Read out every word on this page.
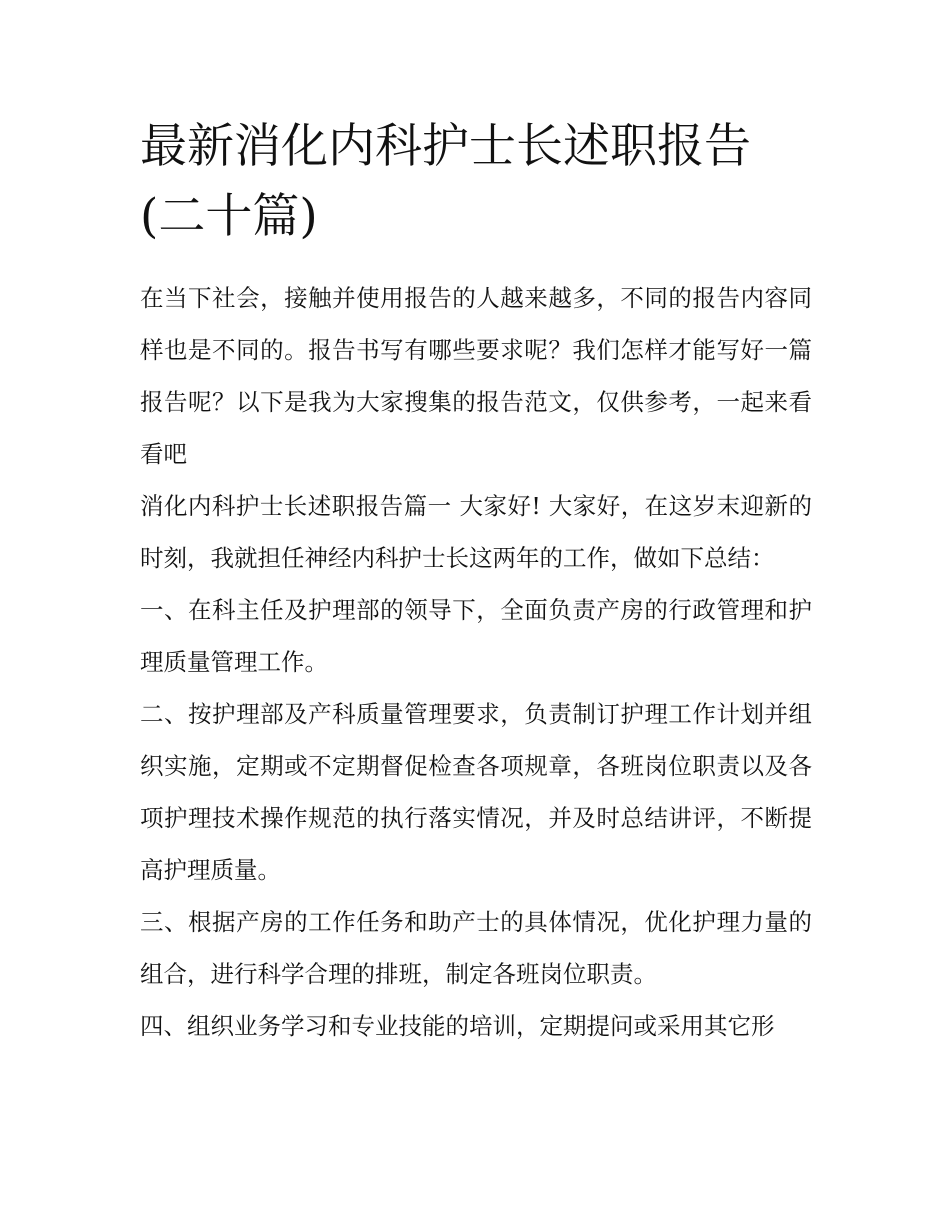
最新消化内科护士长述职报告
(二十篇)

在当下社会，接触并使用报告的人越来越多，不同的报告内容同样也是不同的。报告书写有哪些要求呢？我们怎样才能写好一篇报告呢？以下是我为大家搜集的报告范文，仅供参考，一起来看看吧

消化内科护士长述职报告篇一 大家好! 大家好，在这岁末迎新的时刻，我就担任神经内科护士长这两年的工作，做如下总结：

一、在科主任及护理部的领导下，全面负责产房的行政管理和护理质量管理工作。

二、按护理部及产科质量管理要求，负责制订护理工作计划并组织实施，定期或不定期督促检查各项规章，各班岗位职责以及各项护理技术操作规范的执行落实情况，并及时总结讲评，不断提高护理质量。

三、根据产房的工作任务和助产士的具体情况，优化护理力量的组合，进行科学合理的排班，制定各班岗位职责。

四、组织业务学习和专业技能的培训，定期提问或采用其它形
